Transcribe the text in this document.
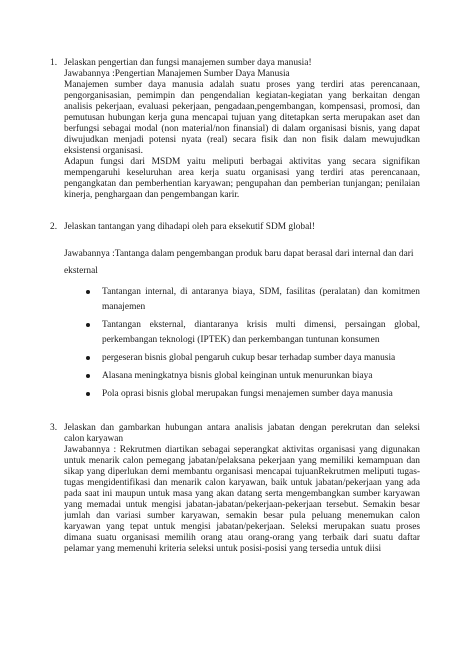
1. Jelaskan pengertian dan fungsi manajemen sumber daya manusia!
Jawabannya :Pengertian Manajemen Sumber Daya Manusia
Manajemen sumber daya manusia adalah suatu proses yang terdiri atas perencanaan,
pengorganisasian, pemimpin dan pengendalian kegiatan-kegiatan yang berkaitan dengan
analisis pekerjaan, evaluasi pekerjaan, pengadaan,pengembangan, kompensasi, promosi, dan
pemutusan hubungan kerja guna mencapai tujuan yang ditetapkan serta merupakan aset dan
berfungsi sebagai modal (non material/non finansial) di dalam organisasi bisnis, yang dapat
diwujudkan menjadi potensi nyata (real) secara fisik dan non fisik dalam mewujudkan
eksistensi organisasi.
Adapun fungsi dari MSDM yaitu meliputi berbagai aktivitas yang secara signifikan
mempengaruhi keseluruhan area kerja suatu organisasi yang terdiri atas perencanaan,
pengangkatan dan pemberhentian karyawan; pengupahan dan pemberian tunjangan; penilaian
kinerja, penghargaan dan pengembangan karir.
2. Jelaskan tantangan yang dihadapi oleh para eksekutif SDM global!
Jawabannya :Tantanga dalam pengembangan produk baru dapat berasal dari internal dan dari
eksternal
Tantangan internal, di antaranya biaya, SDM, fasilitas (peralatan) dan komitmen
manajemen
Tantangan eksternal, diantaranya krisis multi dimensi, persaingan global,
perkembangan teknologi (IPTEK) dan perkembangan tuntunan konsumen
pergeseran bisnis global pengaruh cukup besar terhadap sumber daya manusia
Alasana meningkatnya bisnis global keinginan untuk menurunkan biaya
Pola oprasi bisnis global merupakan fungsi menajemen sumber daya manusia
3. Jelaskan dan gambarkan hubungan antara analisis jabatan dengan perekrutan dan seleksi
calon karyawan
Jawabannya : Rekrutmen diartikan sebagai seperangkat aktivitas organisasi yang digunakan
untuk menarik calon pemegang jabatan/pelaksana pekerjaan yang memiliki kemampuan dan
sikap yang diperlukan demi membantu organisasi mencapai tujuanRekrutmen meliputi tugas-
tugas mengidentifikasi dan menarik calon karyawan, baik untuk jabatan/pekerjaan yang ada
pada saat ini maupun untuk masa yang akan datang serta mengembangkan sumber karyawan
yang memadai untuk mengisi jabatan-jabatan/pekerjaan-pekerjaan tersebut. Semakin besar
jumlah dan variasi sumber karyawan, semakin besar pula peluang menemukan calon
karyawan yang tepat untuk mengisi jabatan/pekerjaan. Seleksi merupakan suatu proses
dimana suatu organisasi memilih orang atau orang-orang yang terbaik dari suatu daftar
pelamar yang memenuhi kriteria seleksi untuk posisi-posisi yang tersedia untuk diisi
